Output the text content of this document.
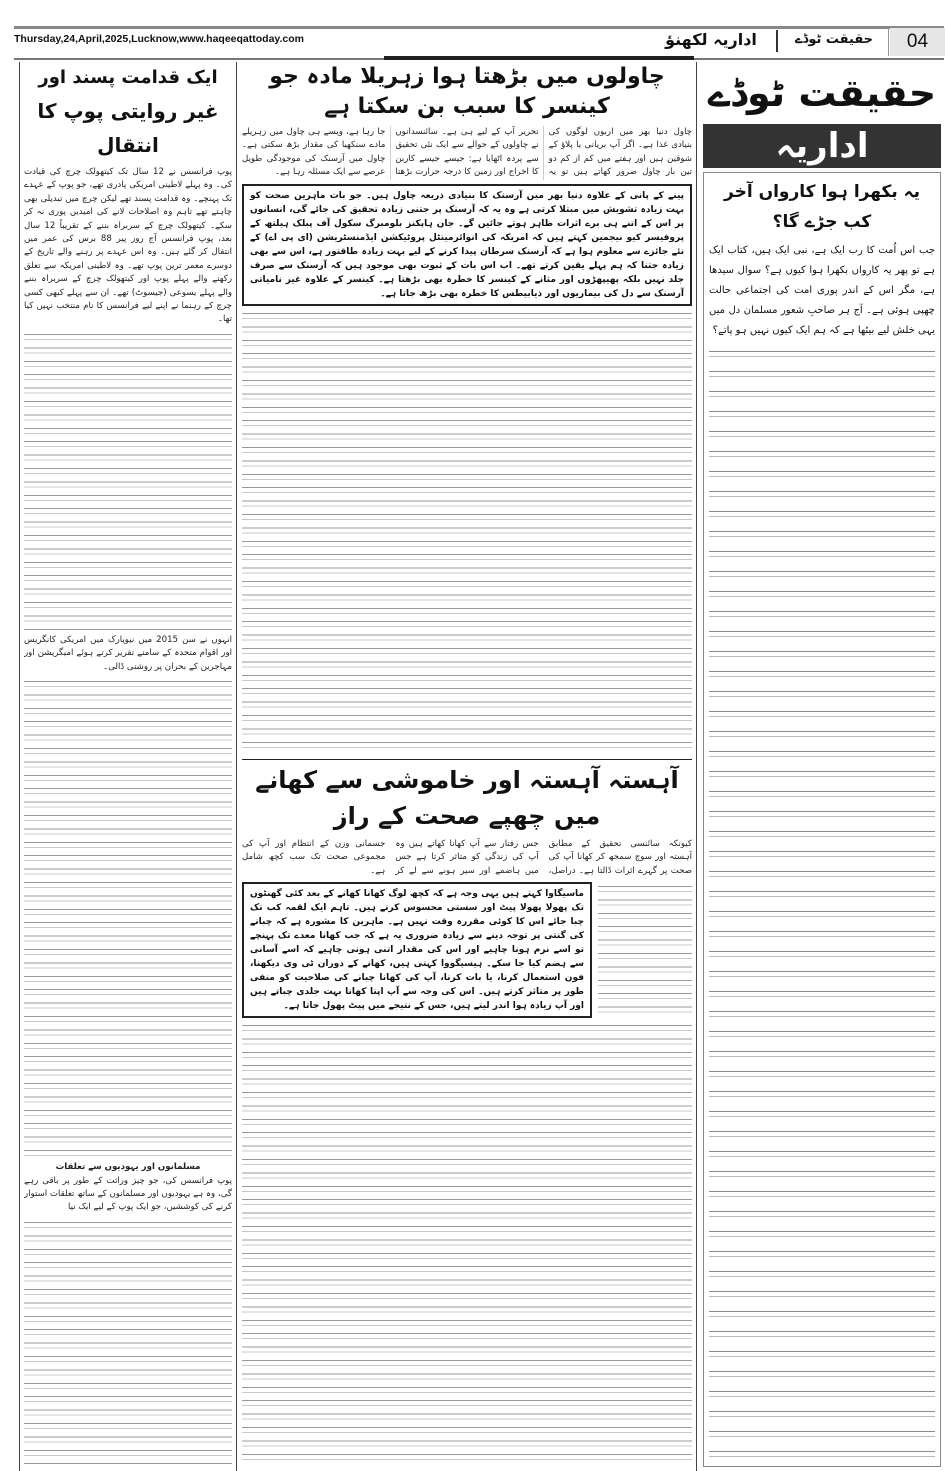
Thursday,24,April,2025,Lucknow,www.haqeeqattoday.com	اداریہ لکھنؤ	حقیقت ٹوڈے	04
ایک قدامت پسند اور
غیر روایتی پوپ کا انتقال

پوپ فرانسس نے 12 سال تک کیتھولک چرچ کی قیادت کی۔ وہ پہلے لاطینی امریکی پادری تھے، جو پوپ کے عہدے تک پہنچے۔ وہ قدامت پسند تھے لیکن چرچ میں تبدیلی بھی چاہتے تھے تاہم وہ اصلاحات لانے کی امیدیں پوری نہ کر سکے۔ کیتھولک چرچ کے سربراہ بننے کے تقریباً 12 سال بعد، پوپ فرانسس آج روز پیر 88 برس کی عمر میں انتقال کر گئے ہیں۔ وہ اس عہدے پر رہنے والے تاریخ کے دوسرے معمر ترین پوپ تھے۔ وہ لاطینی امریکہ سے تعلق رکھنے والے پہلے پوپ اور کیتھولک چرچ کے سربراہ بننے والے پہلے یسوعی (جیسوٹ) تھے۔ ان سے پہلے کبھی کسی چرچ کے رہنما نے اپنے لیے فرانسس کا نام منتخب نہیں کیا تھا۔

انہوں نے سن 2015 میں نیویارک میں امریکی کانگریس اور اقوام متحدہ کے سامنے تقریر کرتے ہوئے امیگریشن اور مہاجرین کے بحران پر روشنی ڈالی۔

مسلمانوں اور یہودیوں سے تعلقات

پوپ فرانسس کی، جو چیز وراثت کے طور پر باقی رہے گی، وہ ہے یہودیوں اور مسلمانوں کے ساتھ تعلقات استوار کرنے کی کوششیں، جو ایک پوپ کے لیے ایک نیا

چاولوں میں بڑھتا ہوا زہریلا مادہ جو کینسر کا سبب بن سکتا ہے

چاول دنیا بھر میں اربوں لوگوں کی بنیادی غذا ہے۔ اگر آپ بریانی یا پلاؤ کے شوقین ہیں اور ہفتے میں کم از کم دو تین بار چاول ضرور کھاتے ہیں تو یہ تحریر آپ کے لیے ہی ہے۔ سائنسدانوں نے چاولوں کے حوالے سے ایک نئی تحقیق سے پردہ اٹھایا ہے: جیسے جیسے کاربن کا اخراج اور زمین کا درجہ حرارت بڑھتا جا رہا ہے، ویسے ہی چاول میں زہریلے مادے سنکھیا کی مقدار بڑھ سکتی ہے۔ چاول میں آرسنک کی موجودگی طویل عرصے سے ایک مسئلہ رہا ہے۔

پینے کے پانی کے علاوہ دنیا بھر میں آرسنک کا بنیادی ذریعہ چاول ہیں۔ جو بات ماہرین صحت کو بہت زیادہ تشویش میں مبتلا کرتی ہے وہ یہ کہ آرسنک پر جتنی زیادہ تحقیق کی جائے گی، انسانوں پر اس کے اتنے ہی برے اثرات ظاہر ہوتے جائیں گے۔ جان ہاپکنز بلومبرگ سکول آف پبلک ہیلتھ کے پروفیسر کیو نیجمین کہتے ہیں کہ امریکہ کی انوائرمینٹل پروٹیکشن ایڈمنسٹریشن (ای پی اے) کے نئے جائزے سے معلوم ہوا ہے کہ آرسنک سرطان پیدا کرنے کے لیے بہت زیادہ طاقتور ہے، اس سے بھی زیادہ جتنا کہ ہم پہلے یقین کرتے تھے۔ اب اس بات کے ثبوت بھی موجود ہیں کہ آرسنک سے صرف جلد نہیں بلکہ پھیپھڑوں اور مثانے کے کینسر کا خطرہ بھی بڑھتا ہے۔ کینسر کے علاوہ غیر نامیاتی آرسنک سے دل کی بیماریوں اور ذیابیطس کا خطرہ بھی بڑھ جاتا ہے۔
آہستہ آہستہ اور خاموشی سے کھانے میں چھپے صحت کے راز

کیونکہ سائنسی تحقیق کے مطابق آہستہ اور سوچ سمجھ کر کھانا آپ کی صحت پر گہرے اثرات ڈالتا ہے۔ دراصل، جس رفتار سے آپ کھانا کھاتے ہیں وہ آپ کی زندگی کو متاثر کرتا ہے جس میں ہاضمے اور سیر ہونے سے لے کر جسمانی وزن کے انتظام اور آپ کی مجموعی صحت تک سب کچھ شامل ہے۔

ماسیگاوا کہتے ہیں یہی وجہ ہے کہ کچھ لوگ کھانا کھانے کے بعد کئی گھنٹوں تک پھولا پھولا پیٹ اور سستی محسوس کرتے ہیں۔ تاہم ایک لقمہ کب تک چبا جائے اس کا کوئی مقررہ وقت نہیں ہے۔ ماہرین کا مشورہ ہے کہ چبانے کی گنتی پر توجہ دینے سے زیادہ ضروری یہ ہے کہ جب کھانا معدے تک پہنچے تو اسے نرم ہونا چاہیے اور اس کی مقدار اتنی ہونی چاہیے کہ اسے آسانی سے ہضم کیا جا سکے۔ ہیسیگووا کہتی ہیں، کھانے کے دوران ٹی وی دیکھنا، فون استعمال کرنا، یا بات کرنا، آپ کی کھانا چبانے کی صلاحیت کو منفی طور پر متاثر کرتے ہیں۔ اس کی وجہ سے آپ اپنا کھانا بہت جلدی چباتے ہیں اور آپ زیادہ ہوا اندر لیتے ہیں، جس کے نتیجے میں پیٹ پھول جاتا ہے۔
حقیقت ٹوڈے
اداریہ
یہ بکھرا ہوا کارواں آخر کب جڑے گا؟

جب اس اُمت کا رب ایک ہے، نبی ایک ہیں، کتاب ایک ہے تو پھر یہ کارواں بکھرا ہوا کیوں ہے؟ سوال سیدھا ہے، مگر اس کے اندر پوری امت کی اجتماعی حالت چھپی ہوئی ہے۔ آج ہر صاحبِ شعور مسلمان دل میں یہی خلش لیے بیٹھا ہے کہ ہم ایک کیوں نہیں ہو پاتے؟
